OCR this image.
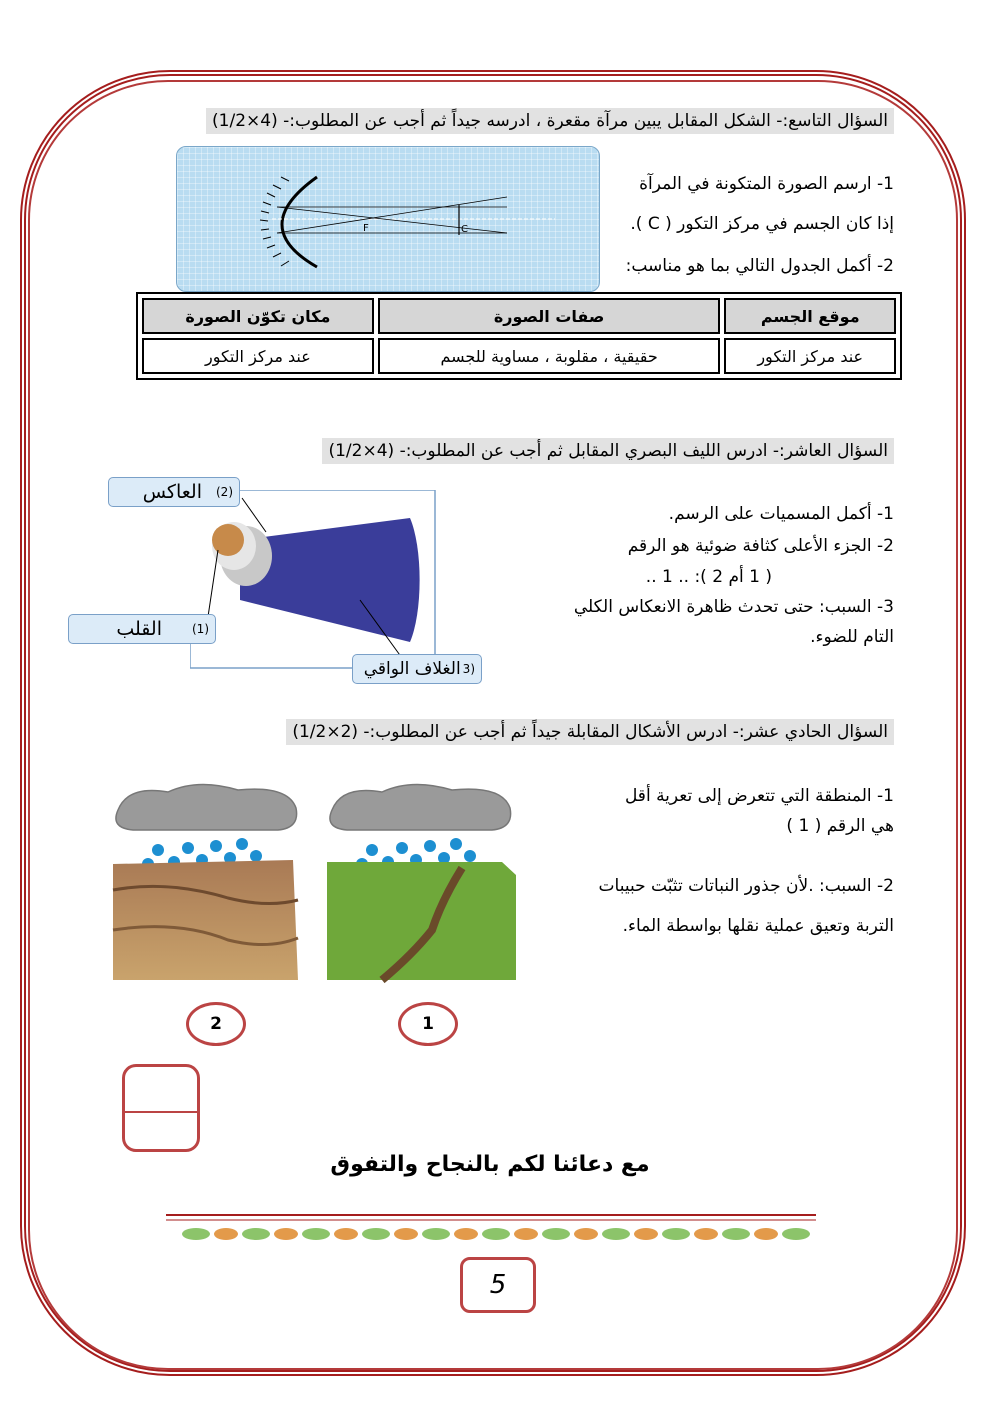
السؤال التاسع:- الشكل المقابل يبين مرآة مقعرة ، ادرسه جيداً ثم أجب عن المطلوب:- (4×1/2)
F	C
1- ارسم الصورة المتكونة في المرآة
إذا كان الجسم في مركز التكور ( C ).
2- أكمل الجدول التالي بما هو مناسب:
موقع الجسم	صفات الصورة	مكان تكوّن الصورة
عند مركز التكور	حقيقية ، مقلوبة ، مساوية للجسم	عند مركز التكور
السؤال العاشر:- ادرس الليف البصري المقابل ثم أجب عن المطلوب:- (4×1/2)
(2)
العاكس
(1)
القلب
(3
الغلاف الواقي
1- أكمل المسميات على الرسم.
2- الجزء الأعلى كثافة ضوئية هو الرقم
( 1 أم 2 ): .. 1 ..
3- السبب: حتى تحدث ظاهرة الانعكاس الكلي
التام للضوء.
السؤال الحادي عشر:- ادرس الأشكال المقابلة جيداً ثم أجب عن المطلوب:- (2×1/2)
2	1
1- المنطقة التي تتعرض إلى تعرية أقل
هي الرقم ( 1 )
2- السبب: .لأن جذور النباتات تثبّت حبيبات
التربة وتعيق عملية نقلها بواسطة الماء.
مع دعائنا لكم بالنجاح والتفوق
5
